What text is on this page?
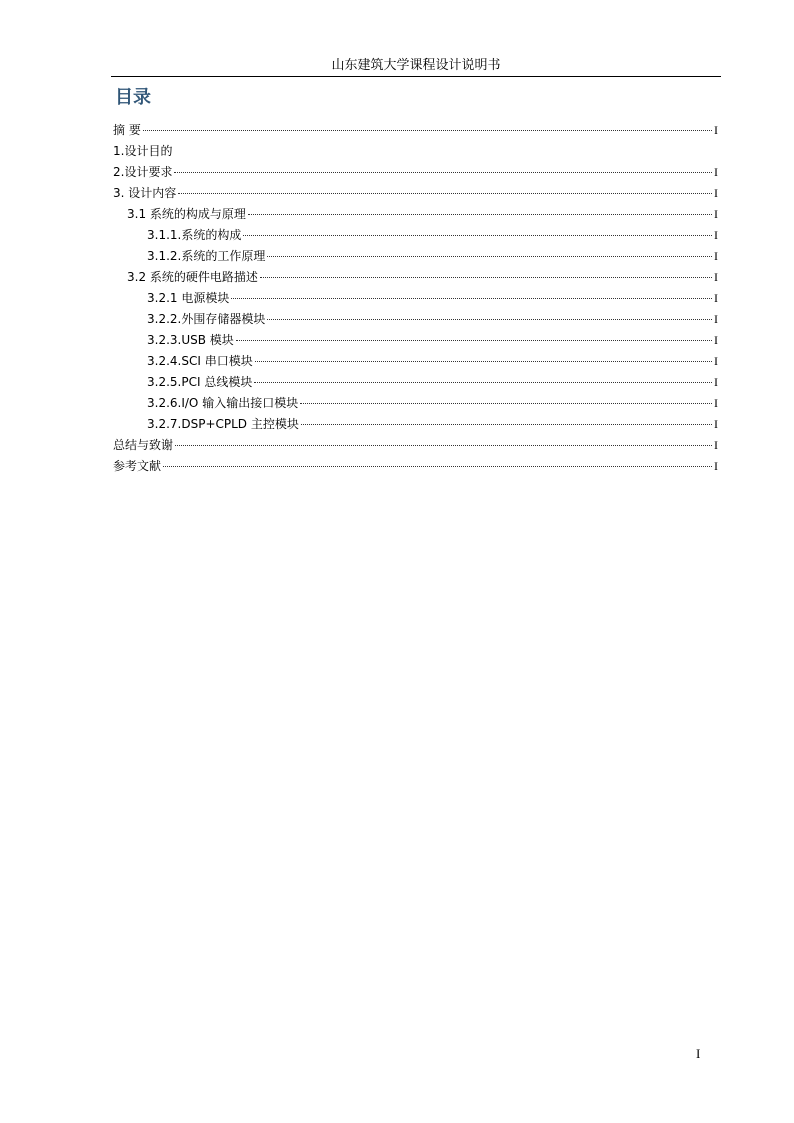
山东建筑大学课程设计说明书
目录
摘 要	I
1.设计目的
2.设计要求	I
3. 设计内容	I
3.1 系统的构成与原理	I
3.1.1.系统的构成	I
3.1.2.系统的工作原理	I
3.2 系统的硬件电路描述	I
3.2.1 电源模块	I
3.2.2.外围存储器模块	I
3.2.3.USB 模块	I
3.2.4.SCI 串口模块	I
3.2.5.PCI 总线模块	I
3.2.6.I/O 输入输出接口模块	I
3.2.7.DSP+CPLD 主控模块	I
总结与致谢	I
参考文献	I
I
